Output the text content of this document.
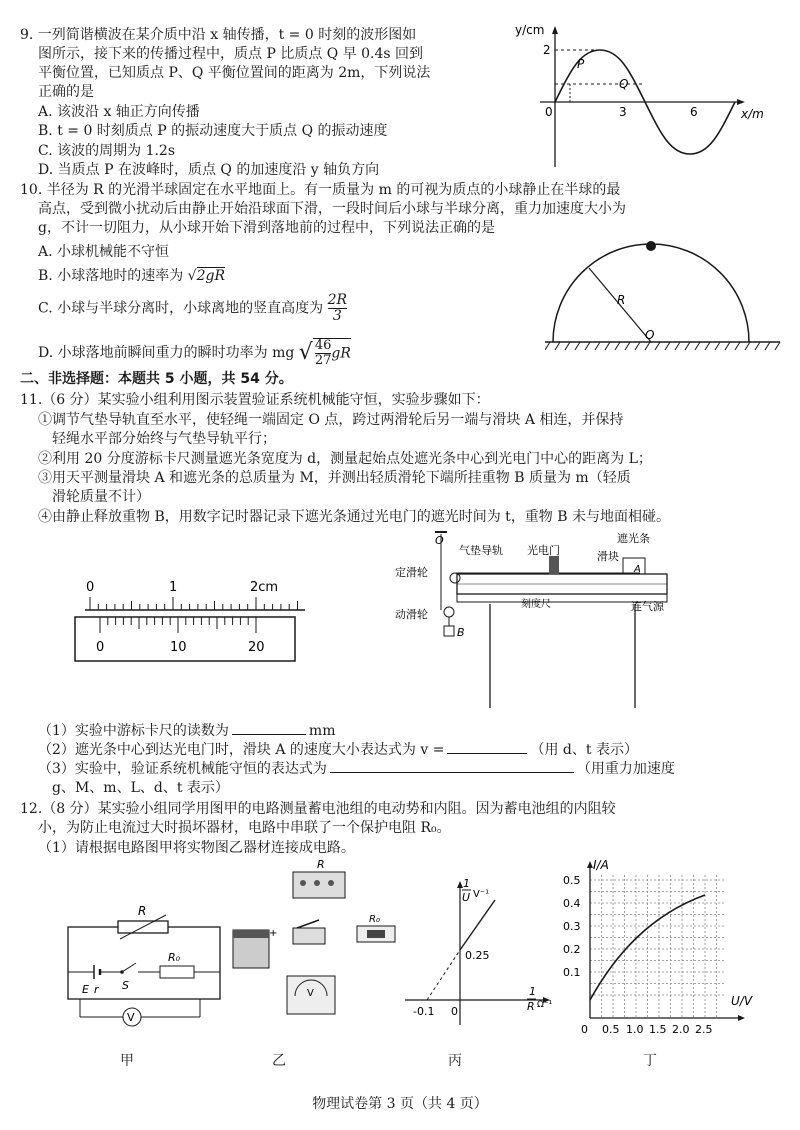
9. 一列简谐横波在某介质中沿 x 轴传播，t = 0 时刻的波形图如
图所示，接下来的传播过程中，质点 P 比质点 Q 早 0.4s 回到
平衡位置，已知质点 P、Q 平衡位置间的距离为 2m，下列说法
正确的是
A. 该波沿 x 轴正方向传播
B. t = 0 时刻质点 P 的振动速度大于质点 Q 的振动速度
C. 该波的周期为 1.2s
D. 当质点 P 在波峰时，质点 Q 的加速度沿 y 轴负方向
y/cm
2
0	3	6	x/m
P
Q
10. 半径为 R 的光滑半球固定在水平地面上。有一质量为 m 的可视为质点的小球静止在半球的最
高点，受到微小扰动后由静止开始沿球面下滑，一段时间后小球与半球分离，重力加速度大小为
g，不计一切阻力，从小球开始下滑到落地前的过程中，下列说法正确的是
A. 小球机械能不守恒
B. 小球落地时的速率为 √2gR
C. 小球与半球分离时，小球离地的竖直高度为 $\frac{2R}{3}$
D. 小球落地前瞬间重力的瞬时功率为 mg √ $\frac{46}{27}$ gR
R
O
二、非选择题：本题共 5 小题，共 54 分。
11.（6 分）某实验小组利用图示装置验证系统机械能守恒，实验步骤如下：
①调节气垫导轨直至水平，使轻绳一端固定 O 点，跨过两滑轮后另一端与滑块 A 相连，并保持
轻绳水平部分始终与气垫导轨平行；
②利用 20 分度游标卡尺测量遮光条宽度为 d，测量起始点处遮光条中心到光电门中心的距离为 L；
③用天平测量滑块 A 和遮光条的总质量为 M，并测出轻质滑轮下端所挂重物 B 质量为 m（轻质
滑轮质量不计）
④由静止释放重物 B，用数字记时器记录下遮光条通过光电门的遮光时间为 t，重物 B 未与地面相碰。
0	1	2cm
0	10	20
O
A
B
定滑轮
气垫导轨 光电门
遮光条
滑块
刻度尺	连气源
动滑轮
（1）实验中游标卡尺的读数为	mm
（2）遮光条中心到达光电门时，滑块 A 的速度大小表达式为 v =	（用 d、t 表示）
（3）实验中，验证系统机械能守恒的表达式为	（用重力加速度
g、M、m、L、d、t 表示）
12.（8 分）某实验小组同学用图甲的电路测量蓄电池组的电动势和内阻。因为蓄电池组的内阻较
小，为防止电流过大时损坏器材，电路中串联了一个保护电阻 R₀。
（1）请根据电路图甲将实物图乙器材连接成电路。
R
R₀
E r S
V
甲
R
+
R₀
V
乙
1
U V⁻¹
0.25
-0.1 0
1
R Ω⁻¹
丙
I/A
U/V
0.5
0.4
0.3
0.2
0.1
0 0.5 1.0 1.5 2.0 2.5
丁
物理试卷第 3 页（共 4 页）
